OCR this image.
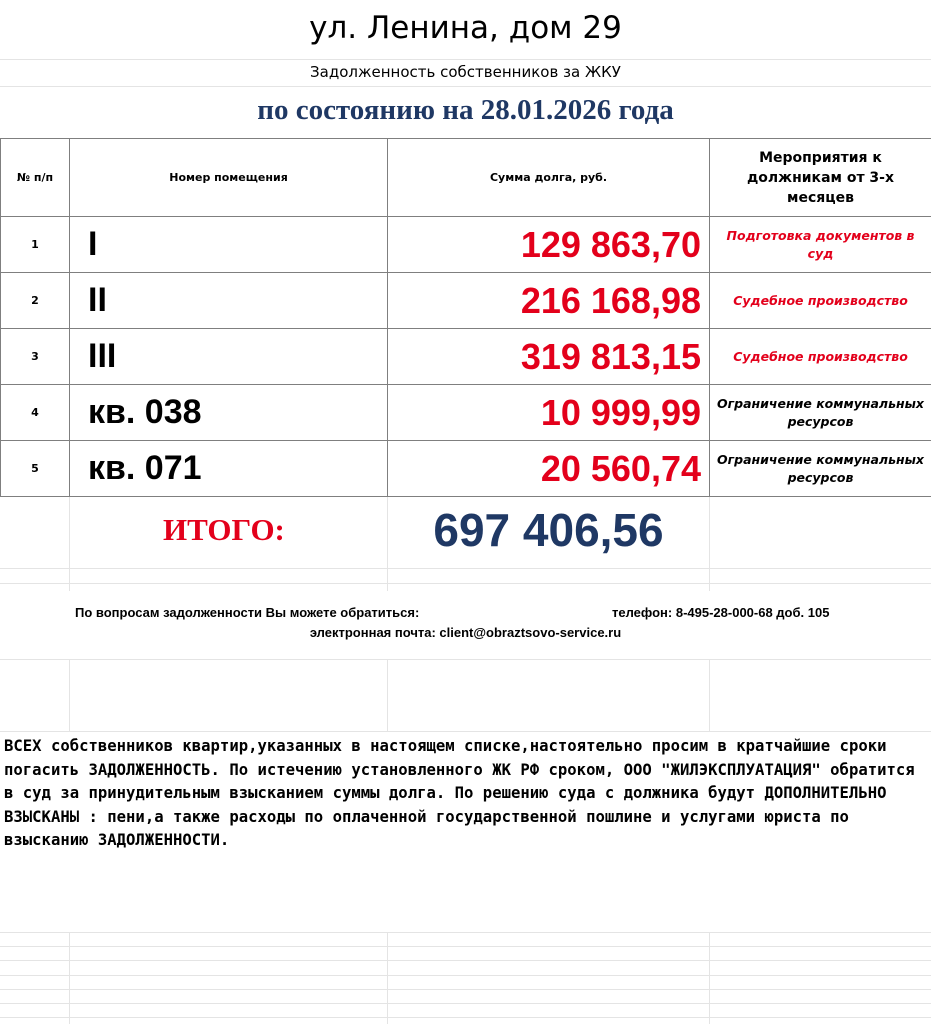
ул. Ленина, дом 29
Задолженность собственников за ЖКУ
по состоянию на 28.01.2026 года
№ п/п	Номер помещения	Сумма долга, руб.	Мероприятия к должникам от 3-х месяцев
1	I	129 863,70	Подготовка документов в суд
2	II	216 168,98	Судебное производство
3	III	319 813,15	Судебное производство
4	кв. 038	10 999,99	Ограничение коммунальных ресурсов
5	кв. 071	20 560,74	Ограничение коммунальных ресурсов
ИТОГО:	697 406,56
По вопросам задолженности Вы можете обратиться:	телефон: 8-495-28-000-68 доб. 105
электронная почта: client@obraztsovo-service.ru
ВСЕХ собственников квартир,указанных в настоящем списке,настоятельно просим в кратчайшие сроки погасить ЗАДОЛЖЕННОСТЬ. По истечению установленного ЖК РФ сроком, ООО "ЖИЛЭКСПЛУАТАЦИЯ" обратится в суд за принудительным взысканием суммы долга. По решению суда с должника будут ДОПОЛНИТЕЛЬНО ВЗЫСКАНЫ : пени,а также расходы по оплаченной государственной пошлине и услугами юриста по взысканию ЗАДОЛЖЕННОСТИ.
